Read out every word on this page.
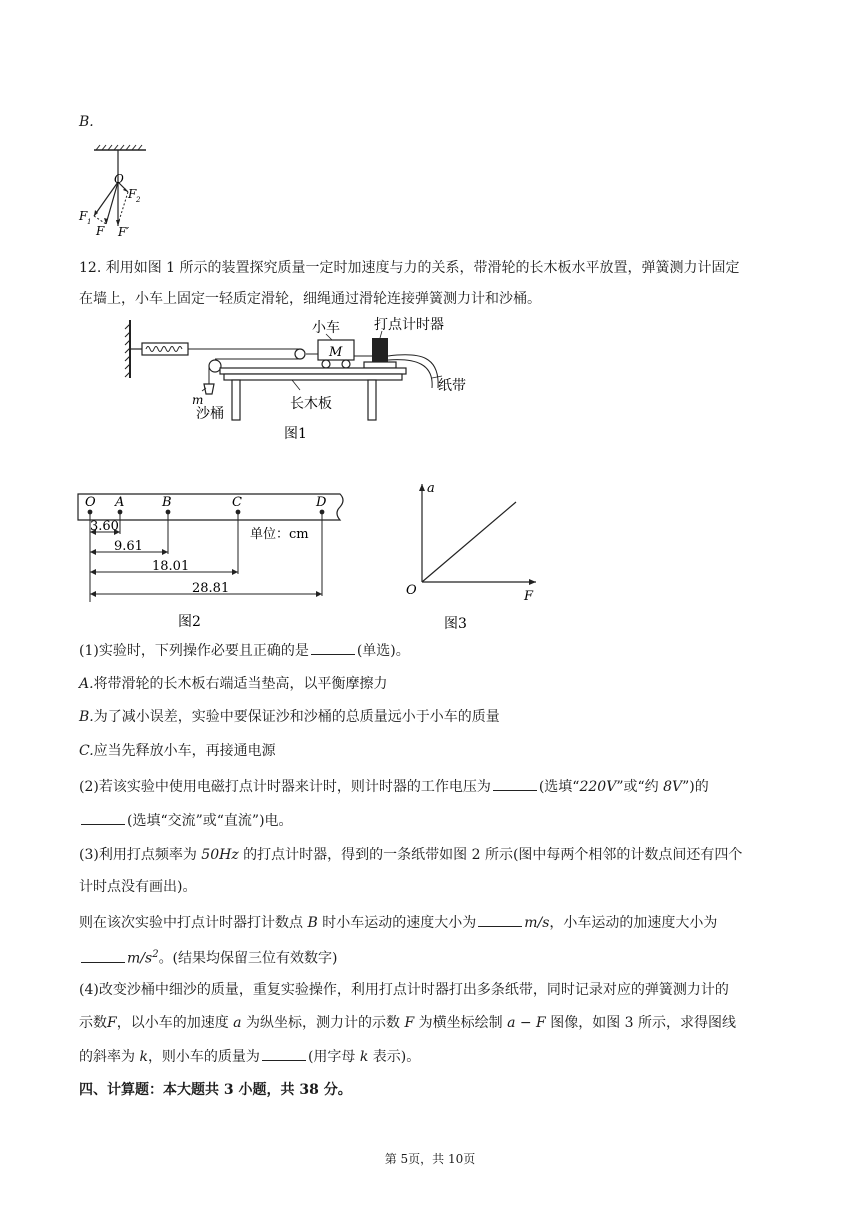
B.
O
F 2
F 1
F F′
12. 利用如图 1 所示的装置探究质量一定时加速度与力的关系，带滑轮的长木板水平放置，弹簧测力计固定
在墙上，小车上固定一轻质定滑轮，细绳通过滑轮连接弹簧测力计和沙桶。
M
小车 打点计时器
纸带
m
沙桶
长木板
图1
O A	B	C	D
3.60
9.61
18.01
28.81
单位：cm
图2
a
F
O
图3
(1)实验时，下列操作必要且正确的是	(单选)。
A.将带滑轮的长木板右端适当垫高，以平衡摩擦力
B.为了减小误差，实验中要保证沙和沙桶的总质量远小于小车的质量
C.应当先释放小车，再接通电源
(2)若该实验中使用电磁打点计时器来计时，则计时器的工作电压为	(选填“220V”或“约 8V”)的
(选填“交流”或“直流”)电。
(3)利用打点频率为 50Hz 的打点计时器，得到的一条纸带如图 2 所示(图中每两个相邻的计数点间还有四个
计时点没有画出)。
则在该次实验中打点计时器打计数点 B 时小车运动的速度大小为	m/s，小车运动的加速度大小为
$m/s^2$。(结果均保留三位有效数字)
(4)改变沙桶中细沙的质量，重复实验操作，利用打点计时器打出多条纸带，同时记录对应的弹簧测力计的
示数F，以小车的加速度 a 为纵坐标，测力计的示数 F 为横坐标绘制 a − F 图像，如图 3 所示，求得图线
的斜率为 k，则小车的质量为	(用字母 k 表示)。
四、计算题：本大题共 3 小题，共 38 分。
第 5页，共 10页
